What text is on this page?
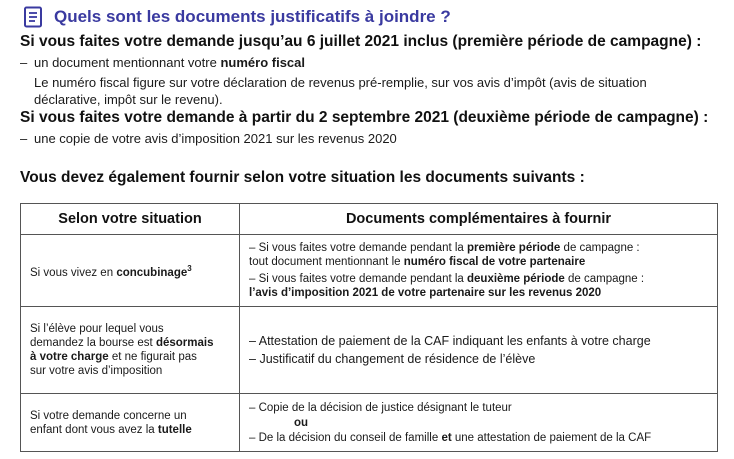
Quels sont les documents justificatifs à joindre ?
Si vous faites votre demande jusqu’au 6 juillet 2021 inclus (première période de campagne) :
– un document mentionnant votre numéro fiscal
Le numéro fiscal figure sur votre déclaration de revenus pré-remplie, sur vos avis d’impôt (avis de situation
déclarative, impôt sur le revenu).
Si vous faites votre demande à partir du 2 septembre 2021 (deuxième période de campagne) :
– une copie de votre avis d’imposition 2021 sur les revenus 2020
Vous devez également fournir selon votre situation les documents suivants :
Selon votre situation	Documents complémentaires à fournir
Si vous vivez en concubinage$^3$	– Si vous faites votre demande pendant la première période de campagne :
tout document mentionnant le numéro fiscal de votre partenaire
– Si vous faites votre demande pendant la deuxième période de campagne :
l’avis d’imposition 2021 de votre partenaire sur les revenus 2020

Si l’élève pour lequel vous
demandez la bourse est désormais
à votre charge et ne figurait pas
sur votre avis d’imposition	– Attestation de paiement de la CAF indiquant les enfants à votre charge
– Justificatif du changement de résidence de l’élève

Si votre demande concerne un
enfant dont vous avez la tutelle	– Copie de la décision de justice désignant le tuteur
ou
– De la décision du conseil de famille et une attestation de paiement de la CAF
